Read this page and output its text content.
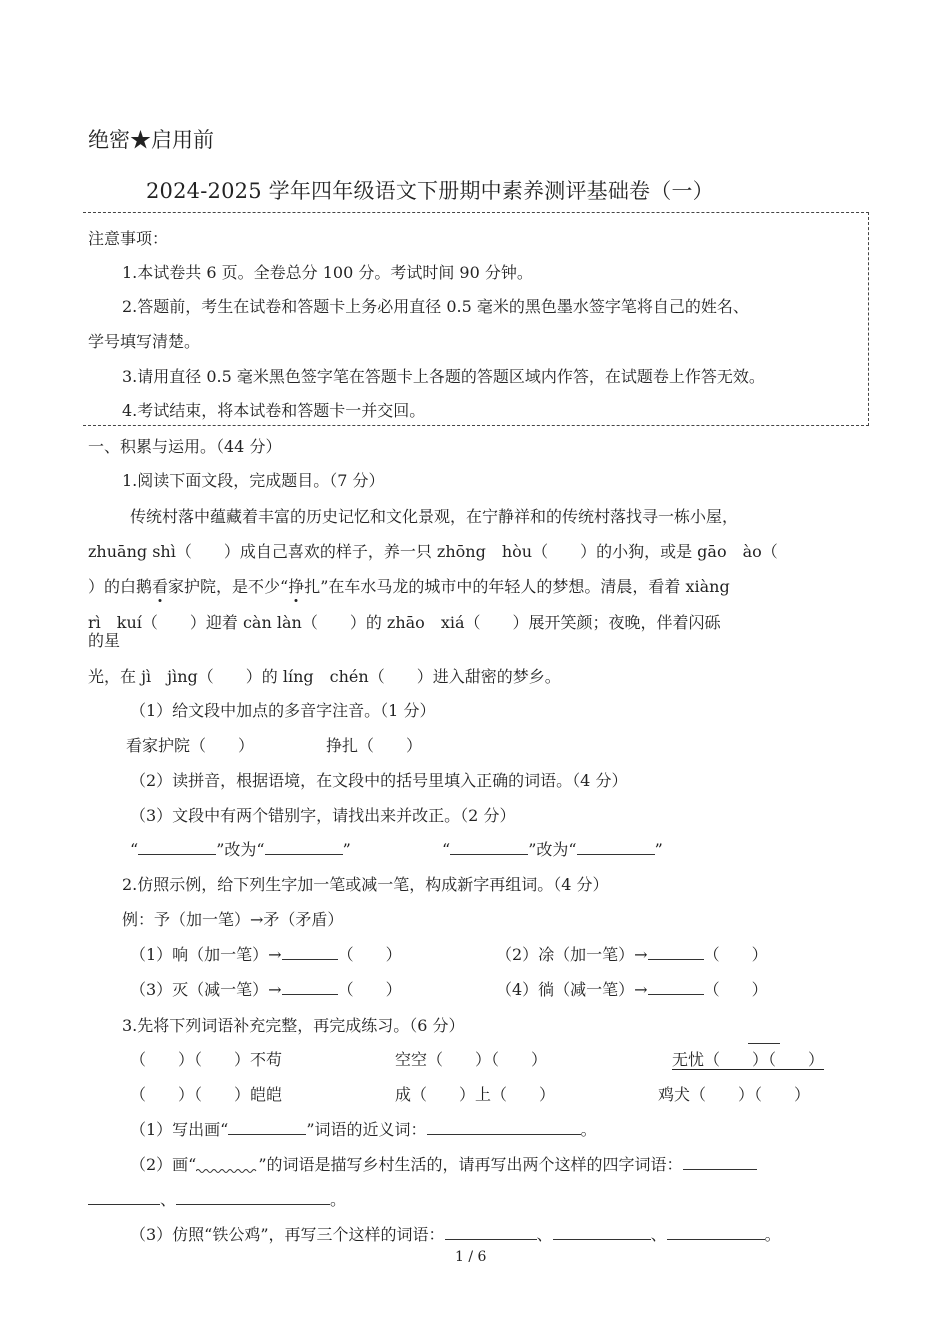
绝密★启用前
2024-2025 学年四年级语文下册期中素养测评基础卷（一）
注意事项：
1.本试卷共 6 页。全卷总分 100 分。考试时间 90 分钟。
2.答题前，考生在试卷和答题卡上务必用直径 0.5 毫米的黑色墨水签字笔将自己的姓名、
学号填写清楚。
3.请用直径 0.5 毫米黑色签字笔在答题卡上各题的答题区域内作答，在试题卷上作答无效。
4.考试结束，将本试卷和答题卡一并交回。
一、积累与运用。（44 分）
1.阅读下面文段，完成题目。（7 分）
传统村落中蕴藏着丰富的历史记忆和文化景观，在宁静祥和的传统村落找寻一栋小屋，
zhuāng shì（　　）成自己喜欢的样子，养一只 zhōng　hòu（　　）的小狗，或是 gāo　ào（
）的白鹅看家护院，是不少“挣扎”在车水马龙的城市中的年轻人的梦想。清晨，看着 xiàng
rì　kuí（　　）迎着 càn làn（　　）的 zhāo　xiá（　　）展开笑颜；夜晚，伴着闪砾
的星
光，在 jì　jìng（　　）的 líng　chén（　　）进入甜密的梦乡。
（1）给文段中加点的多音字注音。（1 分）
看家护院（　　）	挣扎（　　）
（2）读拼音，根据语境，在文段中的括号里填入正确的词语。（4 分）
（3）文段中有两个错别字，请找出来并改正。（2 分）
“	”改为“	”	“	”改为“	”
2.仿照示例，给下列生字加一笔或减一笔，构成新字再组词。（4 分）
例：予（加一笔）→矛（矛盾）
（1）响（加一笔）→	（　　）	（2）凃（加一笔）→	（　　）
（3）灭（减一笔）→	（　　）	（4）徜（减一笔）→	（　　）
3.先将下列词语补充完整，再完成练习。（6 分）
（　　）（　　）不苟	空空（　　）（　　）	无忧（　　）（　　）
（　　）（　　）皑皑	成（　　）上（　　）	鸡犬（　　）（　　）
（1）写出画“	”词语的近义词：	。
（2）画“	”的词语是描写乡村生活的，请再写出两个这样的四字词语：
、	。
（3）仿照“铁公鸡”，再写三个这样的词语：	、	、	。
1 / 6
